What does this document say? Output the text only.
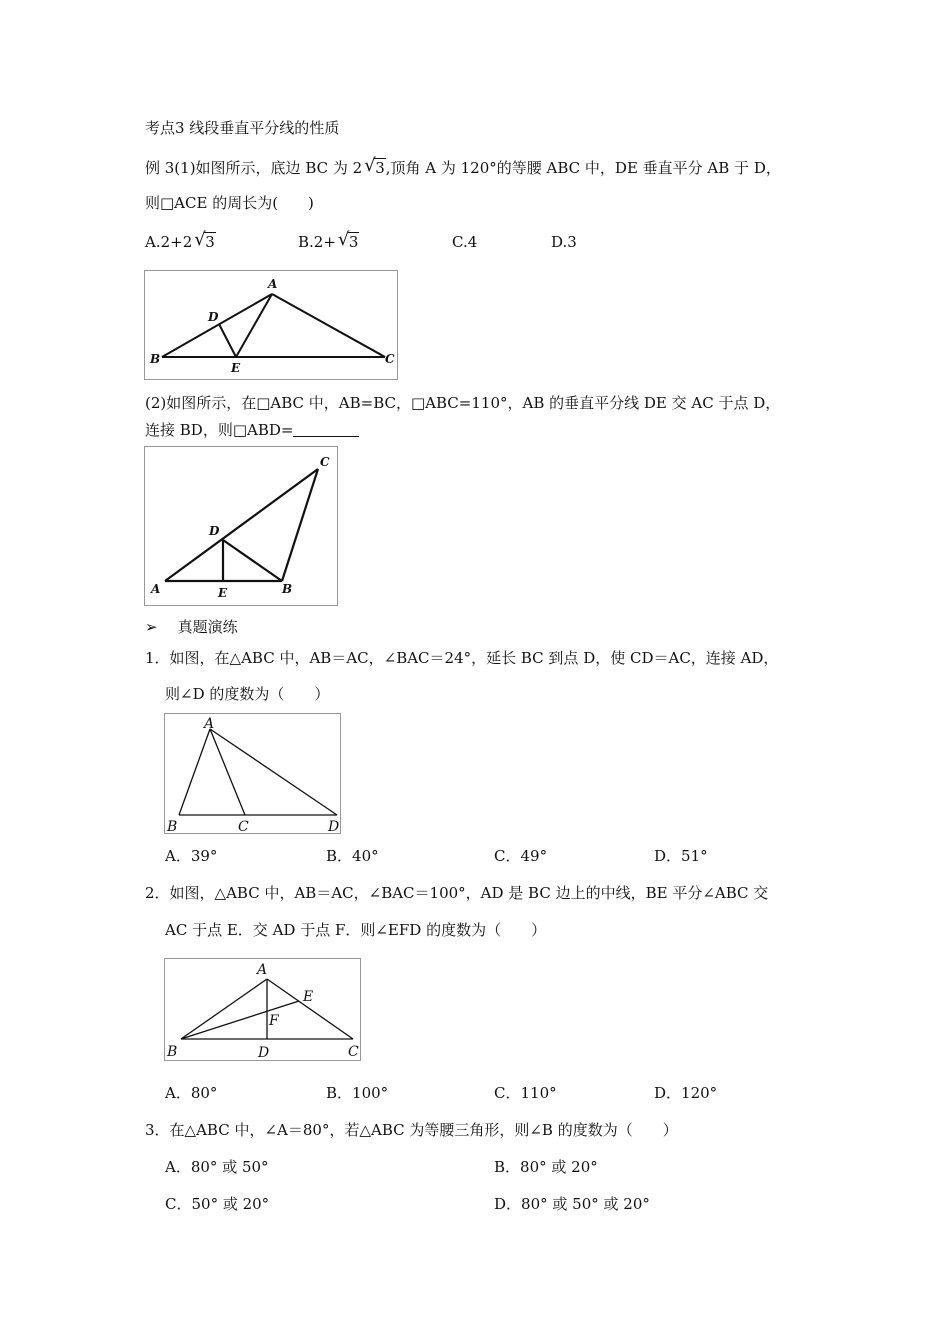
考点3 线段垂直平分线的性质
例 3(1)如图所示，底边 BC 为 2 √ 3,顶角 A 为 120°的等腰 ABC 中，DE 垂直平分 AB 于 D，
则□ACE 的周长为(　　)
A.2+2 √ 3	B.2+ √ 3	C.4	D.3
A
D
B
E
C
(2)如图所示，在□ABC 中，AB=BC，□ABC=110°，AB 的垂直平分线 DE 交 AC 于点 D，
连接 BD，则□ABD=
C
D
A	E	B
➢ 真题演练
1．如图，在△ABC 中，AB＝AC，∠BAC＝24°，延长 BC 到点 D，使 CD＝AC，连接 AD，
则∠D 的度数为（　　）
A
B	C	D
A．39°	B．40°	C．49°	D．51°
2．如图，△ABC 中，AB＝AC，∠BAC＝100°，AD 是 BC 边上的中线，BE 平分∠ABC 交
AC 于点 E．交 AD 于点 F．则∠EFD 的度数为（　　）
A
E
F
B	D	C
A．80°	B．100°	C．110°	D．120°
3．在△ABC 中，∠A＝80°，若△ABC 为等腰三角形，则∠B 的度数为（　　）
A．80° 或 50°	B．80° 或 20°
C．50° 或 20°	D．80° 或 50° 或 20°
